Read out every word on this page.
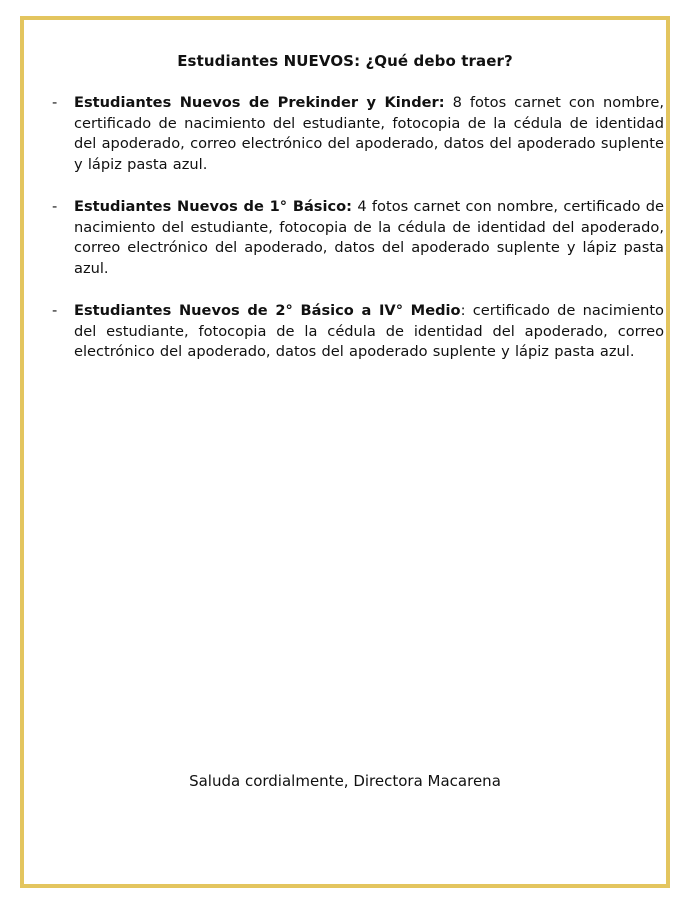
Estudiantes NUEVOS: ¿Qué debo traer?
- Estudiantes Nuevos de Prekinder y Kinder: 8 fotos carnet con nombre, certificado de nacimiento del estudiante, fotocopia de la cédula de identidad del apoderado, correo electrónico del apoderado, datos del apoderado suplente y lápiz pasta azul.
- Estudiantes Nuevos de 1° Básico: 4 fotos carnet con nombre, certificado de nacimiento del estudiante, fotocopia de la cédula de identidad del apoderado, correo electrónico del apoderado, datos del apoderado suplente y lápiz pasta azul.
- Estudiantes Nuevos de 2° Básico a IV° Medio: certificado de nacimiento del estudiante, fotocopia de la cédula de identidad del apoderado, correo electrónico del apoderado, datos del apoderado suplente y lápiz pasta azul.
Saluda cordialmente, Directora Macarena
